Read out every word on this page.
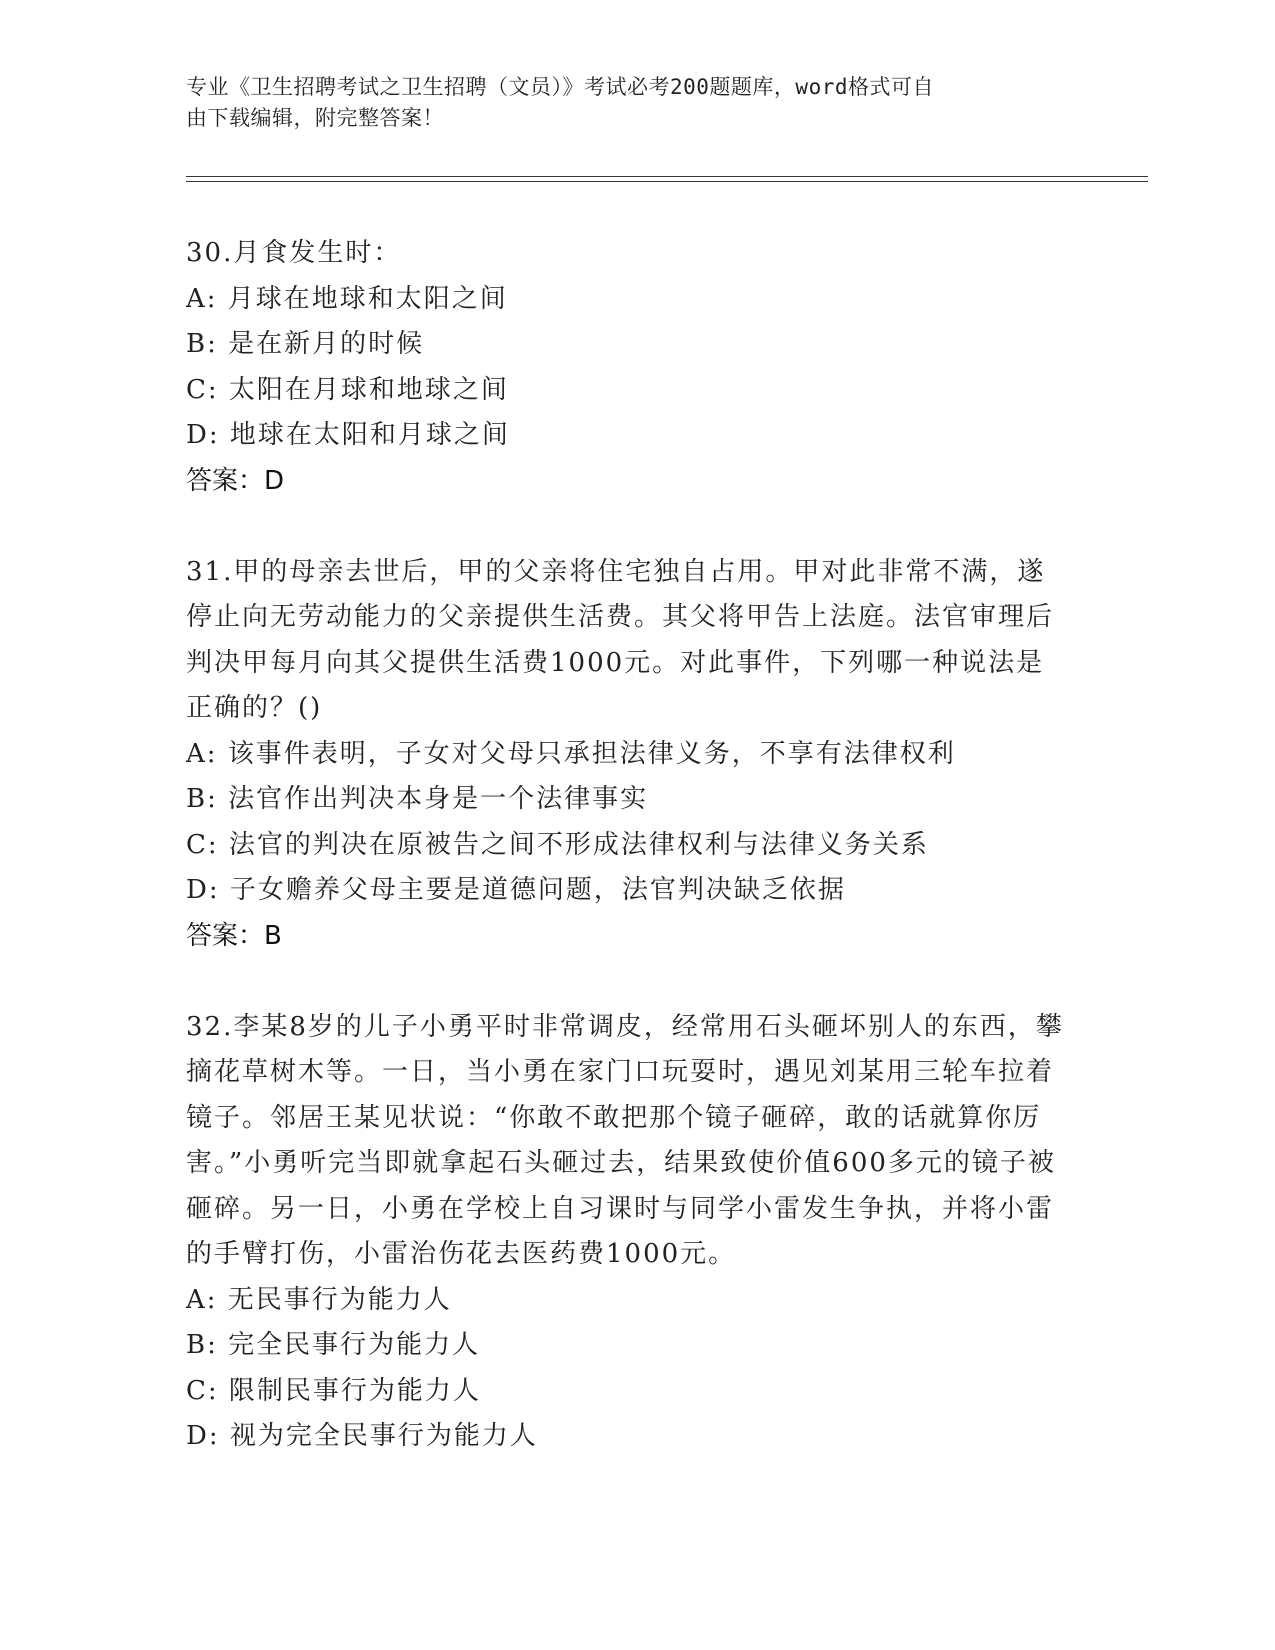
专业《卫生招聘考试之卫生招聘（文员）》考试必考200题题库，word格式可自
由下载编辑，附完整答案！
30.月食发生时：
A: 月球在地球和太阳之间
B: 是在新月的时候
C: 太阳在月球和地球之间
D: 地球在太阳和月球之间
答案：D
31.甲的母亲去世后，甲的父亲将住宅独自占用。甲对此非常不满，遂停止向无劳动能力的父亲提供生活费。其父将甲告上法庭。法官审理后判决甲每月向其父提供生活费1000元。对此事件，下列哪一种说法是正确的？()
A: 该事件表明，子女对父母只承担法律义务，不享有法律权利
B: 法官作出判决本身是一个法律事实
C: 法官的判决在原被告之间不形成法律权利与法律义务关系
D: 子女赡养父母主要是道德问题，法官判决缺乏依据
答案：B
32.李某8岁的儿子小勇平时非常调皮，经常用石头砸坏别人的东西，攀摘花草树木等。一日，当小勇在家门口玩耍时，遇见刘某用三轮车拉着镜子。邻居王某见状说：“你敢不敢把那个镜子砸碎，敢的话就算你厉害。”小勇听完当即就拿起石头砸过去，结果致使价值600多元的镜子被砸碎。另一日，小勇在学校上自习课时与同学小雷发生争执，并将小雷的手臂打伤，小雷治伤花去医药费1000元。
A: 无民事行为能力人
B: 完全民事行为能力人
C: 限制民事行为能力人
D: 视为完全民事行为能力人
